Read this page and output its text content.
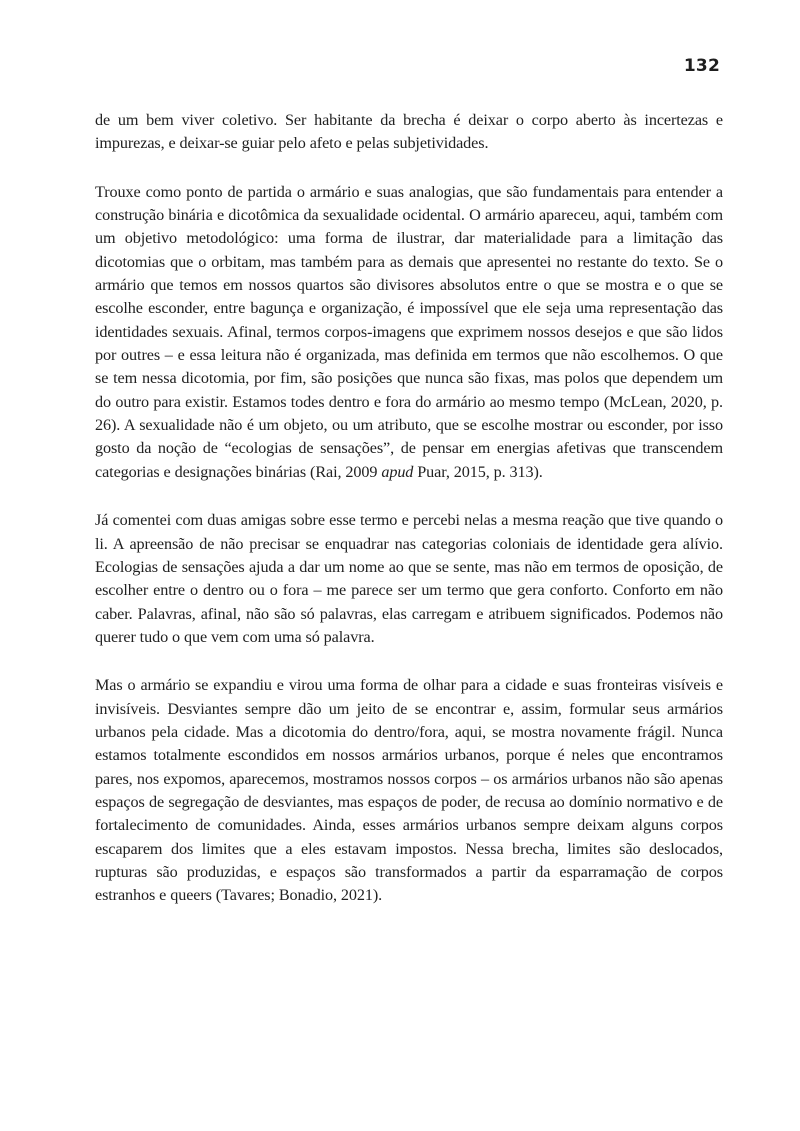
132

de um bem viver coletivo. Ser habitante da brecha é deixar o corpo aberto às incertezas e impurezas, e deixar-se guiar pelo afeto e pelas subjetividades.

Trouxe como ponto de partida o armário e suas analogias, que são fundamentais para entender a construção binária e dicotômica da sexualidade ocidental. O armário apareceu, aqui, também com um objetivo metodológico: uma forma de ilustrar, dar materialidade para a limitação das dicotomias que o orbitam, mas também para as demais que apresentei no restante do texto. Se o armário que temos em nossos quartos são divisores absolutos entre o que se mostra e o que se escolhe esconder, entre bagunça e organização, é impossível que ele seja uma representação das identidades sexuais. Afinal, termos corpos-imagens que exprimem nossos desejos e que são lidos por outres – e essa leitura não é organizada, mas definida em termos que não escolhemos. O que se tem nessa dicotomia, por fim, são posições que nunca são fixas, mas polos que dependem um do outro para existir. Estamos todes dentro e fora do armário ao mesmo tempo (McLean, 2020, p. 26). A sexualidade não é um objeto, ou um atributo, que se escolhe mostrar ou esconder, por isso gosto da noção de “ecologias de sensações”, de pensar em energias afetivas que transcendem categorias e designações binárias (Rai, 2009 apud Puar, 2015, p. 313).

Já comentei com duas amigas sobre esse termo e percebi nelas a mesma reação que tive quando o li. A apreensão de não precisar se enquadrar nas categorias coloniais de identidade gera alívio. Ecologias de sensações ajuda a dar um nome ao que se sente, mas não em termos de oposição, de escolher entre o dentro ou o fora – me parece ser um termo que gera conforto. Conforto em não caber. Palavras, afinal, não são só palavras, elas carregam e atribuem significados. Podemos não querer tudo o que vem com uma só palavra.

Mas o armário se expandiu e virou uma forma de olhar para a cidade e suas fronteiras visíveis e invisíveis. Desviantes sempre dão um jeito de se encontrar e, assim, formular seus armários urbanos pela cidade. Mas a dicotomia do dentro/fora, aqui, se mostra novamente frágil. Nunca estamos totalmente escondidos em nossos armários urbanos, porque é neles que encontramos pares, nos expomos, aparecemos, mostramos nossos corpos – os armários urbanos não são apenas espaços de segregação de desviantes, mas espaços de poder, de recusa ao domínio normativo e de fortalecimento de comunidades. Ainda, esses armários urbanos sempre deixam alguns corpos escaparem dos limites que a eles estavam impostos. Nessa brecha, limites são deslocados, rupturas são produzidas, e espaços são transformados a partir da esparramação de corpos estranhos e queers (Tavares; Bonadio, 2021).
